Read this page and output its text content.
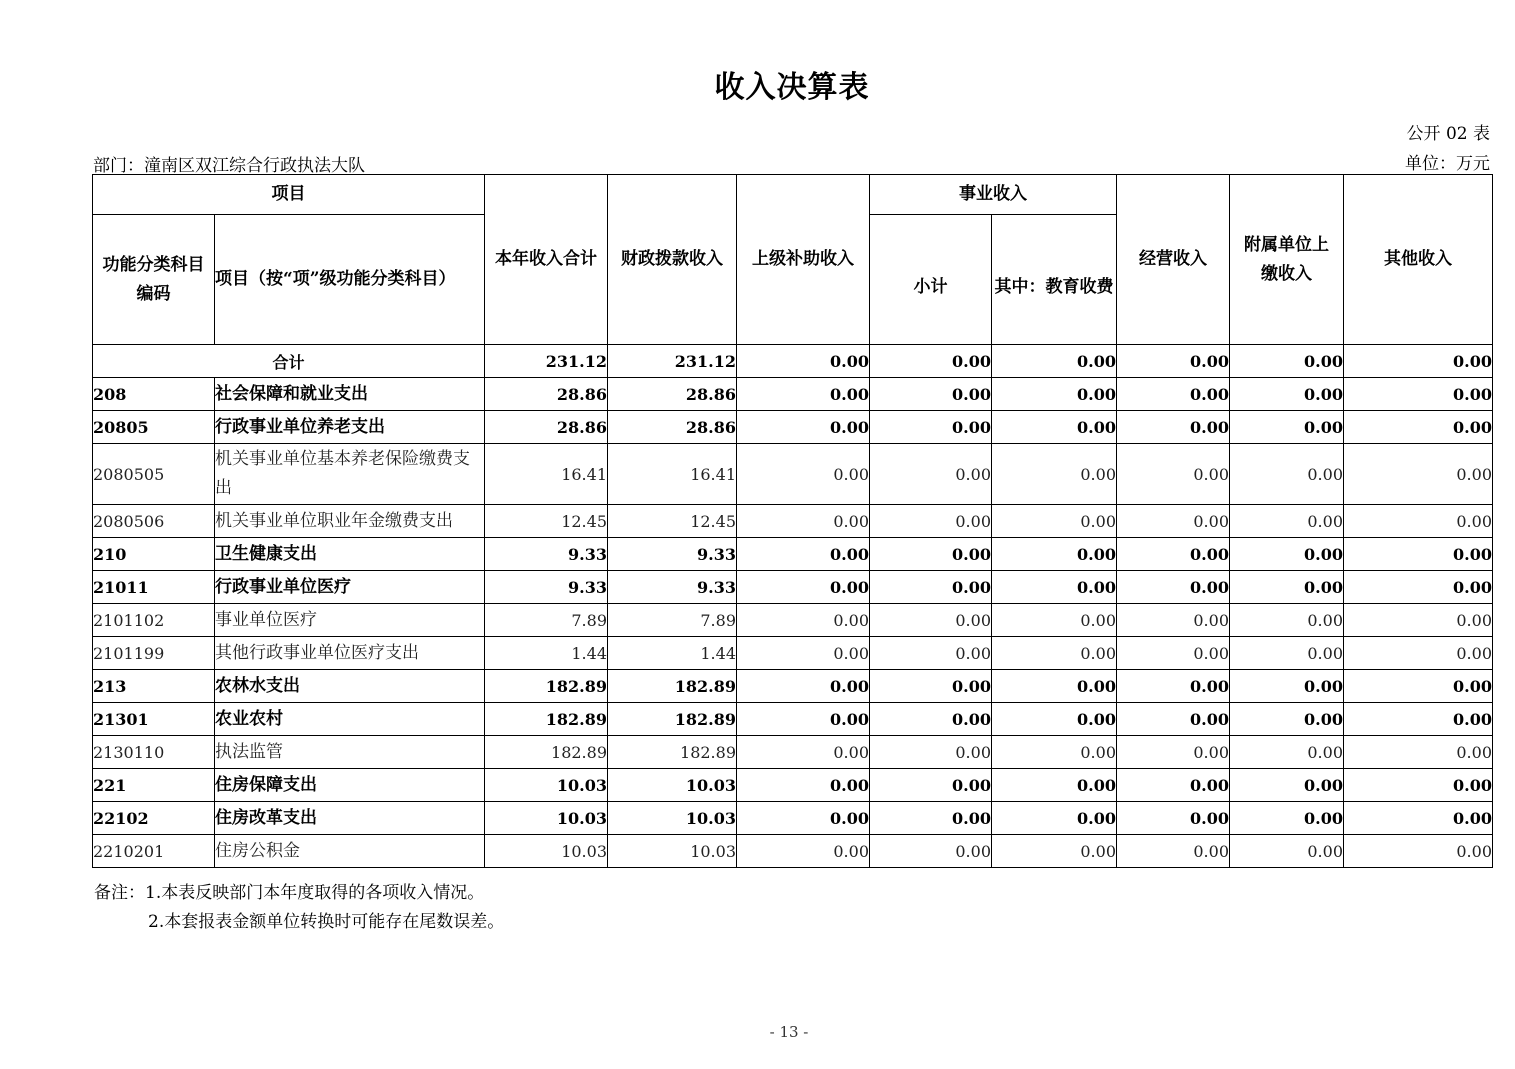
收入决算表
公开 02 表
部门：潼南区双江综合行政执法大队	单位：万元
项目		本年收入合计	财政拨款收入	上级补助收入	事业收入		经营收入	附属单位上缴收入	其他收入
功能分类科目编码	项目（按“项”级功能分类科目）				小计	其中：教育收费			
合计		231.12	231.12	0.00	0.00	0.00	0.00	0.00	0.00
208	社会保障和就业支出	28.86	28.86	0.00	0.00	0.00	0.00	0.00	0.00
20805	行政事业单位养老支出	28.86	28.86	0.00	0.00	0.00	0.00	0.00	0.00
2080505	机关事业单位基本养老保险缴费支出	16.41	16.41	0.00	0.00	0.00	0.00	0.00	0.00
2080506	机关事业单位职业年金缴费支出	12.45	12.45	0.00	0.00	0.00	0.00	0.00	0.00
210	卫生健康支出	9.33	9.33	0.00	0.00	0.00	0.00	0.00	0.00
21011	行政事业单位医疗	9.33	9.33	0.00	0.00	0.00	0.00	0.00	0.00
2101102	事业单位医疗	7.89	7.89	0.00	0.00	0.00	0.00	0.00	0.00
2101199	其他行政事业单位医疗支出	1.44	1.44	0.00	0.00	0.00	0.00	0.00	0.00
213	农林水支出	182.89	182.89	0.00	0.00	0.00	0.00	0.00	0.00
21301	农业农村	182.89	182.89	0.00	0.00	0.00	0.00	0.00	0.00
2130110	执法监管	182.89	182.89	0.00	0.00	0.00	0.00	0.00	0.00
221	住房保障支出	10.03	10.03	0.00	0.00	0.00	0.00	0.00	0.00
22102	住房改革支出	10.03	10.03	0.00	0.00	0.00	0.00	0.00	0.00
2210201	住房公积金	10.03	10.03	0.00	0.00	0.00	0.00	0.00	0.00
备注：1.本表反映部门本年度取得的各项收入情况。
2.本套报表金额单位转换时可能存在尾数误差。
- 13 -
